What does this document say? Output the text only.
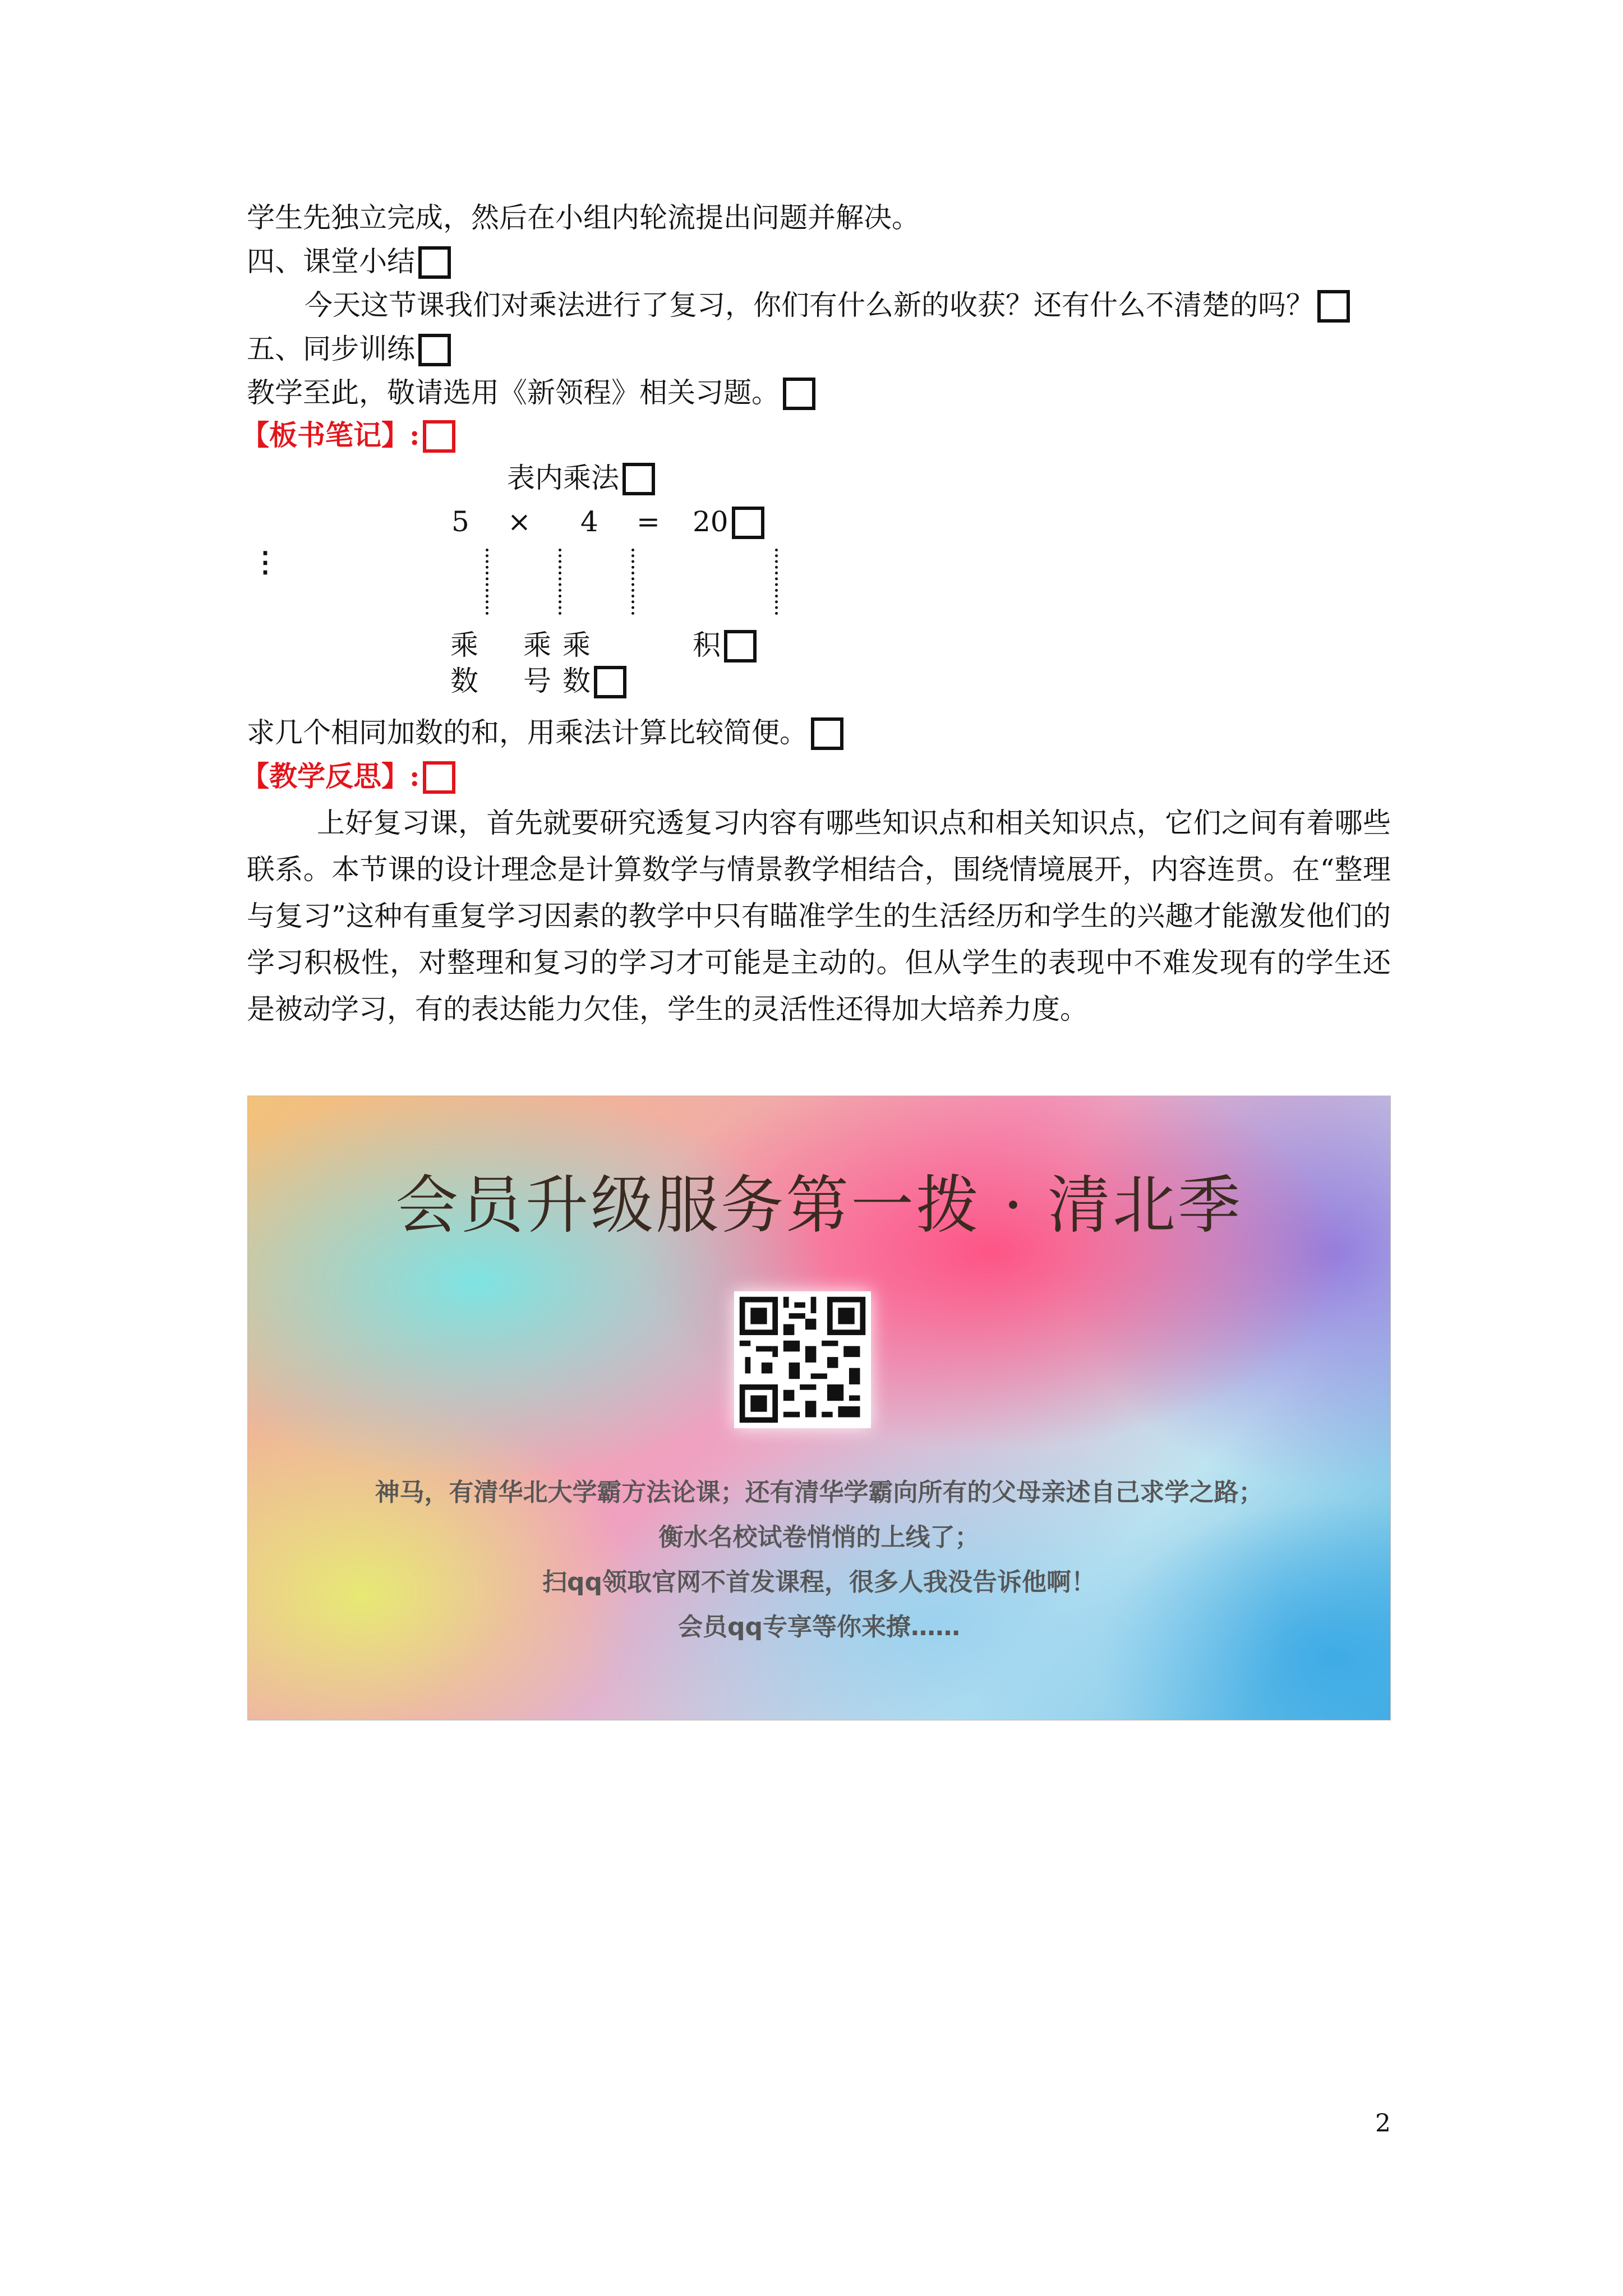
学生先独立完成，然后在小组内轮流提出问题并解决。
四、课堂小结
今天这节课我们对乘法进行了复习，你们有什么新的收获？还有什么不清楚的吗？
五、同步训练
教学至此，敬请选用《新领程》相关习题。
【板书笔记】:
表内乘法
5 × 4 = 20
⋮
乘
数
乘
号
乘
数
积
求几个相同加数的和，用乘法计算比较简便。
【教学反思】:
上好复习课，首先就要研究透复习内容有哪些知识点和相关知识点，它们之间有着哪些联系。本节课的设计理念是计算数学与情景教学相结合，围绕情境展开，内容连贯。在“整理与复习”这种有重复学习因素的教学中只有瞄准学生的生活经历和学生的兴趣才能激发他们的学习积极性，对整理和复习的学习才可能是主动的。但从学生的表现中不难发现有的学生还是被动学习，有的表达能力欠佳，学生的灵活性还得加大培养力度。
会员升级服务第一拨 · 清北季
神马，有清华北大学霸方法论课；还有清华学霸向所有的父母亲述自己求学之路；
衡水名校试卷悄悄的上线了；
扫qq领取官网不首发课程，很多人我没告诉他啊！
会员qq专享等你来撩……
2
